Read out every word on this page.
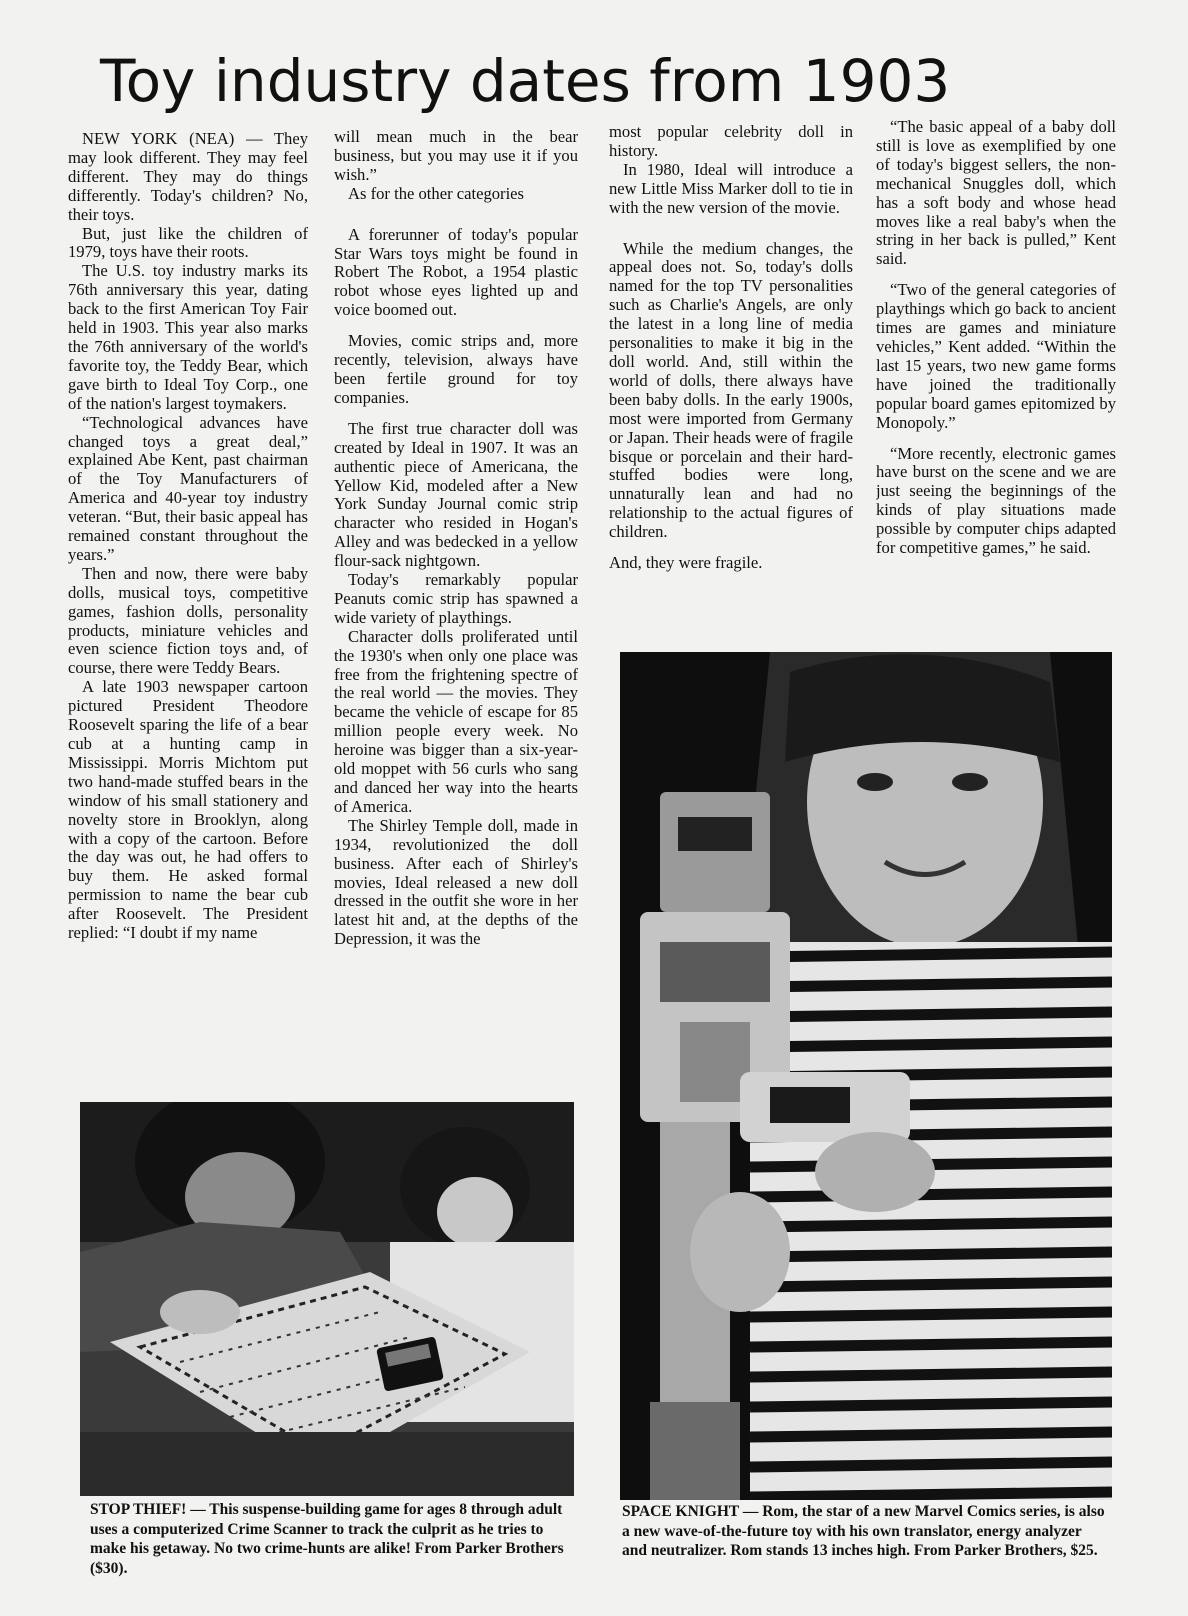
Toy industry dates from 1903

NEW YORK (NEA) — They may look different. They may feel different. They may do things differently. Today's children? No, their toys.

But, just like the children of 1979, toys have their roots.

The U.S. toy industry marks its 76th anniversary this year, dating back to the first American Toy Fair held in 1903. This year also marks the 76th anniversary of the world's favorite toy, the Teddy Bear, which gave birth to Ideal Toy Corp., one of the nation's largest toymakers.

“Technological advances have changed toys a great deal,” explained Abe Kent, past chairman of the Toy Manufacturers of America and 40-year toy industry veteran. “But, their basic appeal has remained constant throughout the years.”

Then and now, there were baby dolls, musical toys, competitive games, fashion dolls, personality products, miniature vehicles and even science fiction toys and, of course, there were Teddy Bears.

A late 1903 newspaper cartoon pictured President Theodore Roosevelt sparing the life of a bear cub at a hunting camp in Mississippi. Morris Michtom put two hand-made stuffed bears in the window of his small stationery and novelty store in Brooklyn, along with a copy of the cartoon. Before the day was out, he had offers to buy them. He asked formal permission to name the bear cub after Roosevelt. The President replied: “I doubt if my name

will mean much in the bear business, but you may use it if you wish.”

As for the other categories

A forerunner of today's popular Star Wars toys might be found in Robert The Robot, a 1954 plastic robot whose eyes lighted up and voice boomed out.

Movies, comic strips and, more recently, television, always have been fertile ground for toy companies.

The first true character doll was created by Ideal in 1907. It was an authentic piece of Americana, the Yellow Kid, modeled after a New York Sunday Journal comic strip character who resided in Hogan's Alley and was bedecked in a yellow flour-sack nightgown.

Today's remarkably popular Peanuts comic strip has spawned a wide variety of playthings.

Character dolls proliferated until the 1930's when only one place was free from the frightening spectre of the real world — the movies. They became the vehicle of escape for 85 million people every week. No heroine was bigger than a six-year-old moppet with 56 curls who sang and danced her way into the hearts of America.

The Shirley Temple doll, made in 1934, revolutionized the doll business. After each of Shirley's movies, Ideal released a new doll dressed in the outfit she wore in her latest hit and, at the depths of the Depression, it was the

most popular celebrity doll in history.

In 1980, Ideal will introduce a new Little Miss Marker doll to tie in with the new version of the movie.

While the medium changes, the appeal does not. So, today's dolls named for the top TV personalities such as Charlie's Angels, are only the latest in a long line of media personalities to make it big in the doll world. And, still within the world of dolls, there always have been baby dolls. In the early 1900s, most were imported from Germany or Japan. Their heads were of fragile bisque or porcelain and their hard-stuffed bodies were long, unnaturally lean and had no relationship to the actual figures of children.

And, they were fragile.

“The basic appeal of a baby doll still is love as exemplified by one of today's biggest sellers, the non-mechanical Snuggles doll, which has a soft body and whose head moves like a real baby's when the string in her back is pulled,” Kent said.

“Two of the general categories of playthings which go back to ancient times are games and miniature vehicles,” Kent added. “Within the last 15 years, two new game forms have joined the traditionally popular board games epitomized by Monopoly.”

“More recently, electronic games have burst on the scene and we are just seeing the beginnings of the kinds of play situations made possible by computer chips adapted for competitive games,” he said.

STOP THIEF! — This suspense-building game for ages 8 through adult uses a computerized Crime Scanner to track the culprit as he tries to make his getaway. No two crime-hunts are alike! From Parker Brothers ($30).
SPACE KNIGHT — Rom, the star of a new Marvel Comics series, is also a new wave-of-the-future toy with his own translator, energy analyzer and neutralizer. Rom stands 13 inches high. From Parker Brothers, $25.
